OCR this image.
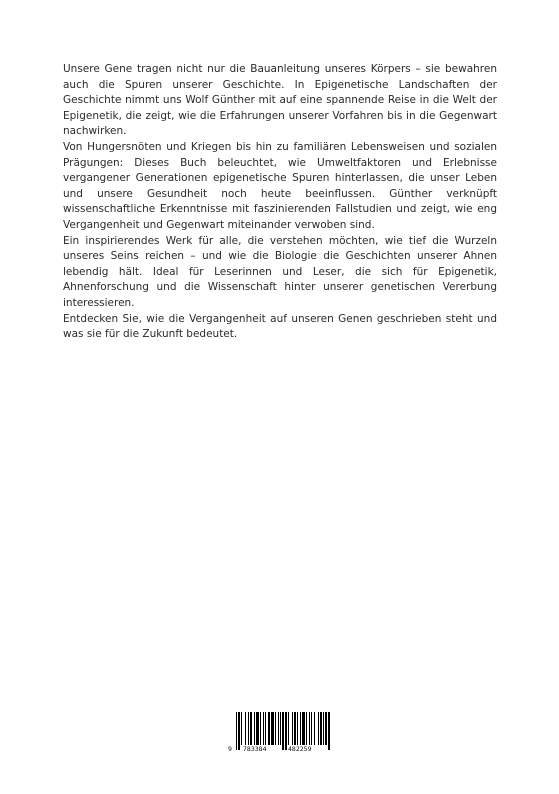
Unsere Gene tragen nicht nur die Bauanleitung unseres Körpers – sie bewahren auch die Spuren unserer Geschichte. In Epigenetische Landschaften der Geschichte nimmt uns Wolf Günther mit auf eine spannende Reise in die Welt der Epigenetik, die zeigt, wie die Erfahrungen unserer Vorfahren bis in die Gegenwart nachwirken.

Von Hungersnöten und Kriegen bis hin zu familiären Lebensweisen und sozialen Prägungen: Dieses Buch beleuchtet, wie Umweltfaktoren und Erlebnisse vergangener Generationen epigenetische Spuren hinterlassen, die unser Leben und unsere Gesundheit noch heute beeinflussen. Günther verknüpft wissenschaftliche Erkenntnisse mit faszinierenden Fallstudien und zeigt, wie eng Vergangenheit und Gegenwart miteinander verwoben sind.

Ein inspirierendes Werk für alle, die verstehen möchten, wie tief die Wurzeln unseres Seins reichen – und wie die Biologie die Geschichten unserer Ahnen lebendig hält. Ideal für Leserinnen und Leser, die sich für Epigenetik, Ahnenforschung und die Wissenschaft hinter unserer genetischen Vererbung interessieren.

Entdecken Sie, wie die Vergangenheit auf unseren Genen geschrieben steht und was sie für die Zukunft bedeutet.

9 783384	482259
